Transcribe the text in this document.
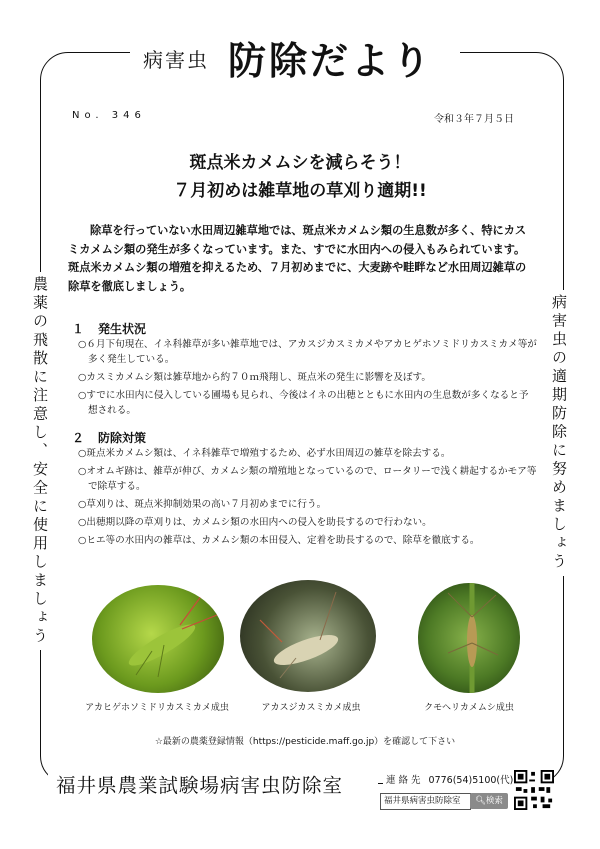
病害虫 防除だより
No. 346	令和３年７月５日
斑点米カメムシを減らそう！
７月初めは雑草地の草刈り適期!!
除草を行っていない水田周辺雑草地では、斑点米カメムシ類の生息数が多く、特にカスミカメムシ類の発生が多くなっています。また、すでに水田内への侵入もみられています。斑点米カメムシ類の増殖を抑えるため、７月初めまでに、大麦跡や畦畔など水田周辺雑草の除草を徹底しましょう。
農薬の飛散に注意し、安全に使用しましょう	病害虫の適期防除に努めましょう
１ 発生状況
○６月下旬現在、イネ科雑草が多い雑草地では、アカスジカスミカメやアカヒゲホソミドリカスミカメ等が多く発生している。
○カスミカメムシ類は雑草地から約７０ｍ飛翔し、斑点米の発生に影響を及ぼす。
○すでに水田内に侵入している圃場も見られ、今後はイネの出穂とともに水田内の生息数が多くなると予想される。
２ 防除対策
○斑点米カメムシ類は、イネ科雑草で増殖するため、必ず水田周辺の雑草を除去する。
○オオムギ跡は、雑草が伸び、カメムシ類の増殖地となっているので、ロータリーで浅く耕起するかモア等で除草する。
○草刈りは、斑点米抑制効果の高い７月初めまでに行う。
○出穂期以降の草刈りは、カメムシ類の水田内への侵入を助長するので行わない。
○ヒエ等の水田内の雑草は、カメムシ類の本田侵入、定着を助長するので、除草を徹底する。
アカヒゲホソミドリカスミカメ成虫	アカスジカスミカメ成虫	クモヘリカメムシ成虫
☆最新の農薬登録情報（https://pesticide.maff.go.jp）を確認して下さい
福井県農業試験場病害虫防除室	連 絡 先 0776(54)5100(代)
福井県病害虫防除室	🔍︎検索
